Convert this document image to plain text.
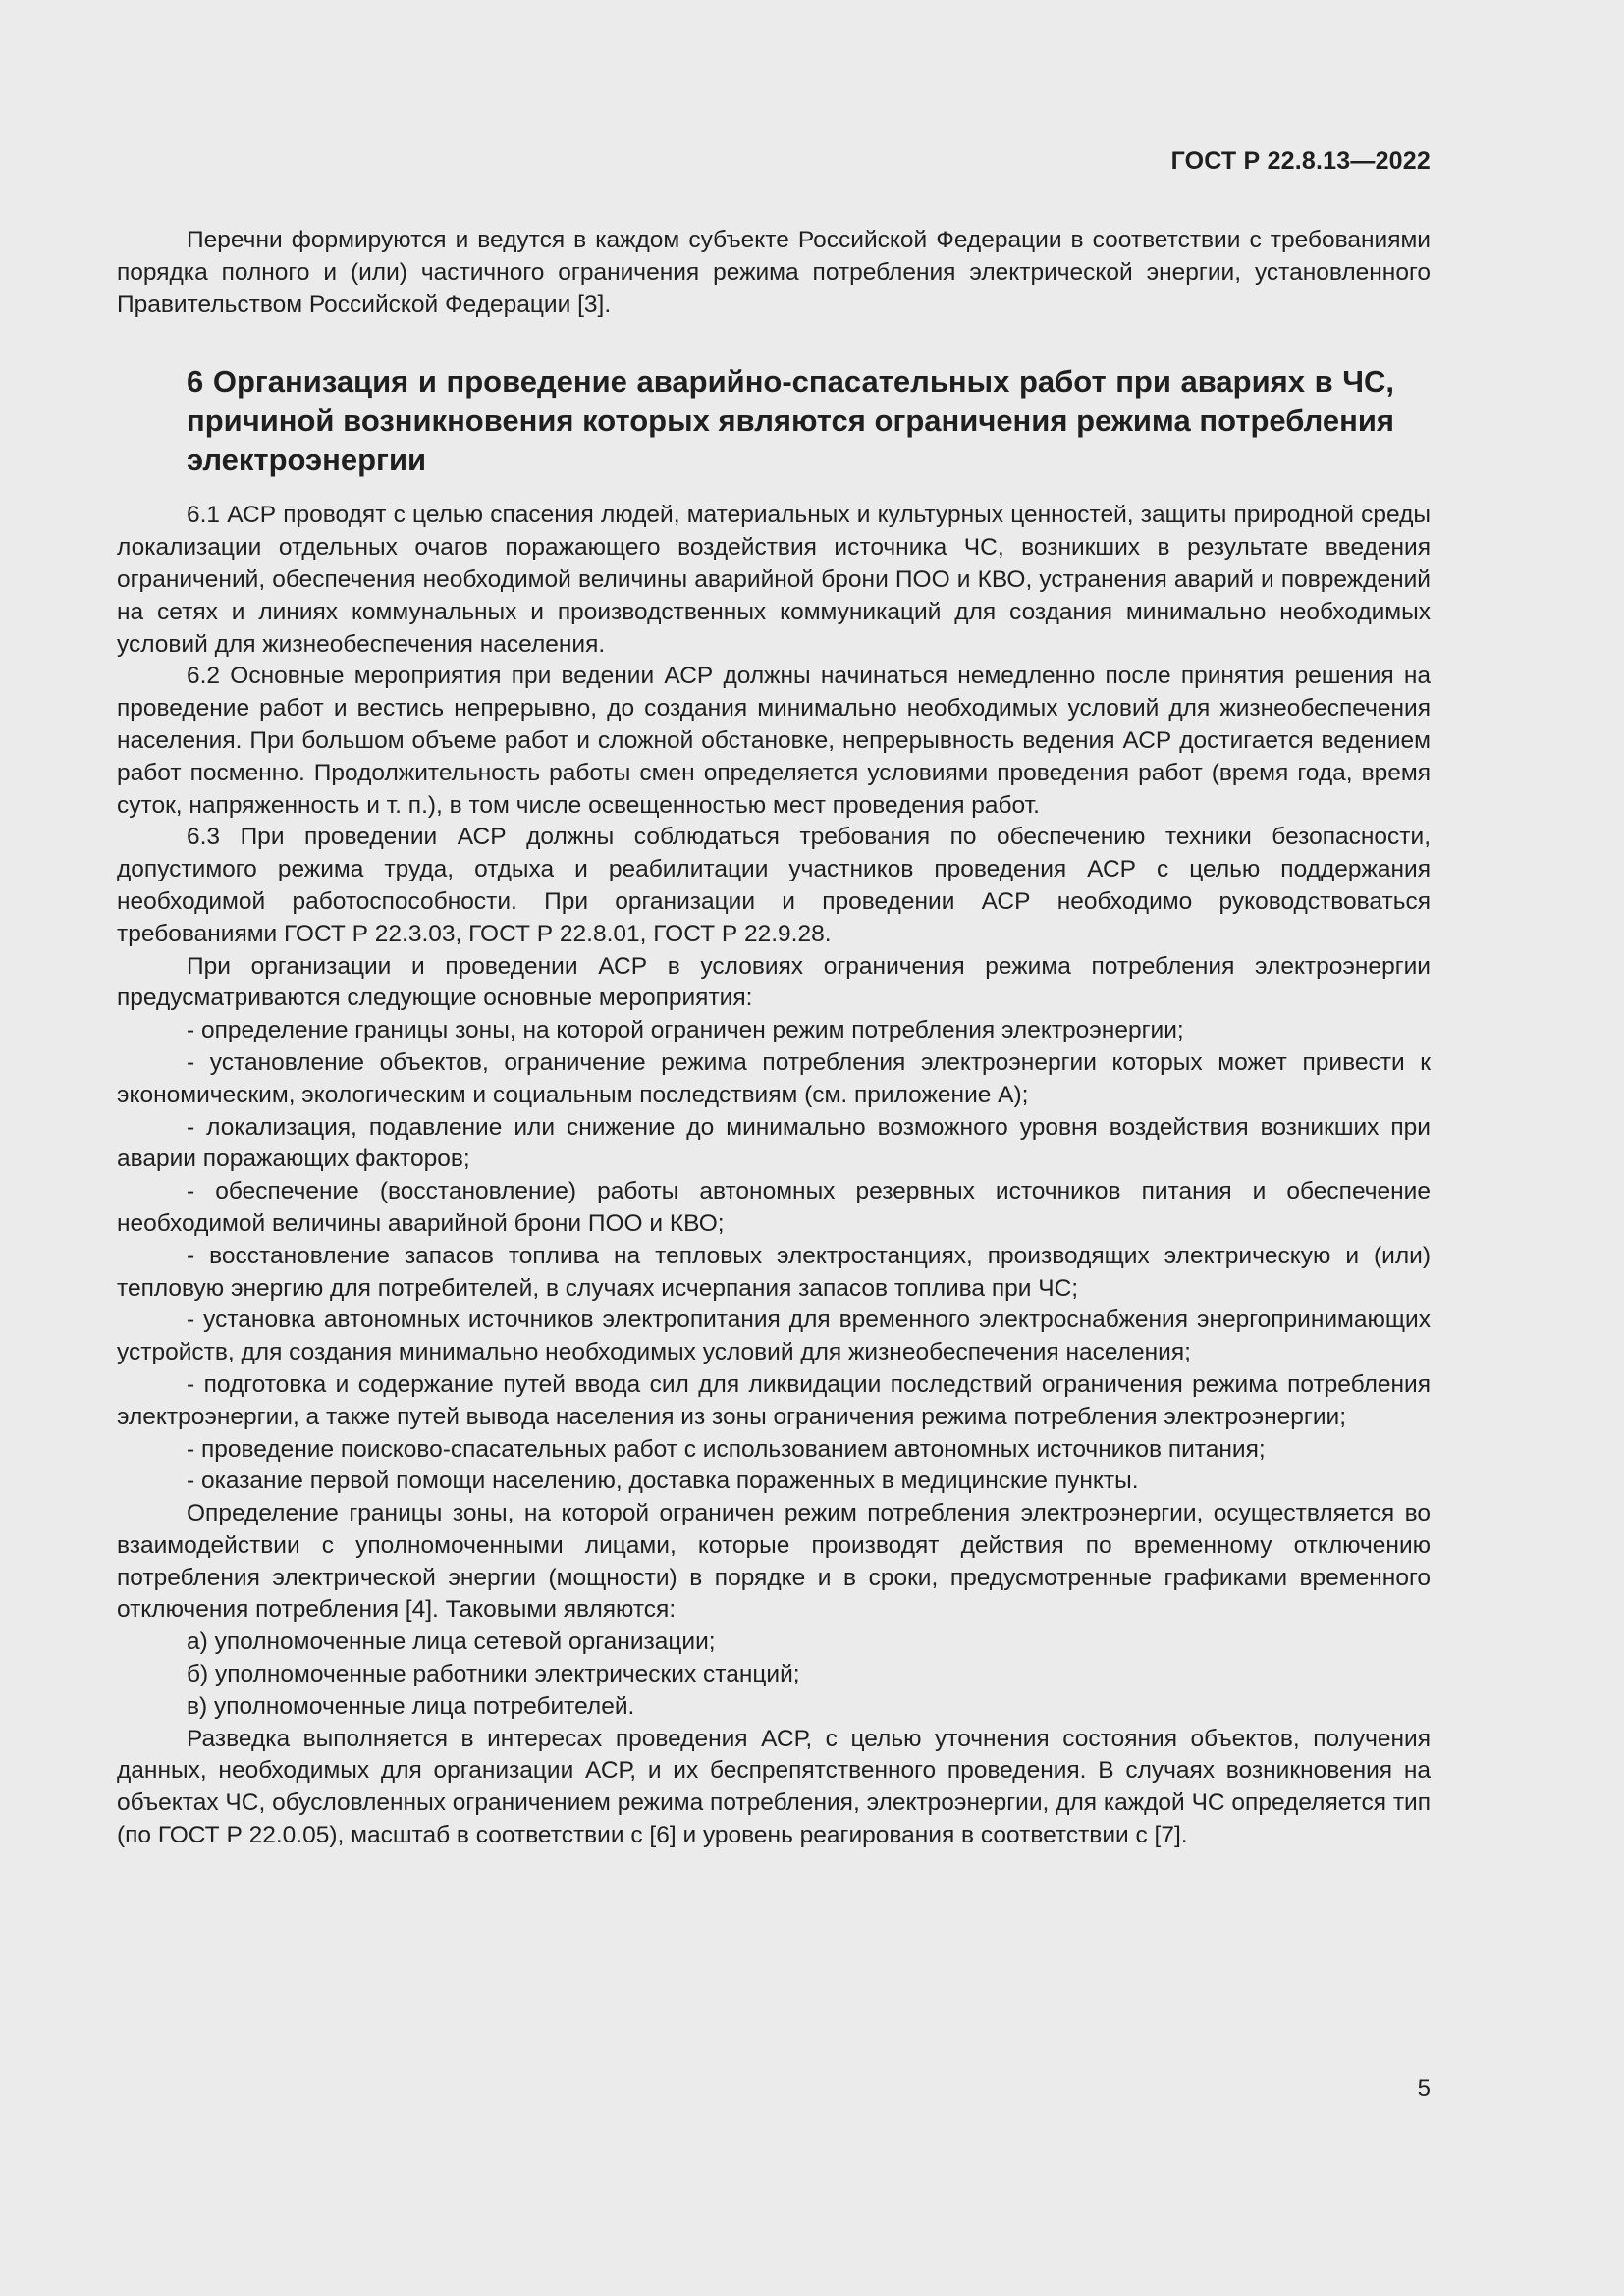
ГОСТ Р 22.8.13—2022

Перечни формируются и ведутся в каждом субъекте Российской Федерации в соответствии с требованиями порядка полного и (или) частичного ограничения режима потребления электрической энергии, установленного Правительством Российской Федерации [3].

6 Организация и проведение аварийно-спасательных работ при авариях в ЧС, причиной возникновения которых являются ограничения режима потребления электроэнергии

6.1 АСР проводят с целью спасения людей, материальных и культурных ценностей, защиты природной среды локализации отдельных очагов поражающего воздействия источника ЧС, возникших в результате введения ограничений, обеспечения необходимой величины аварийной брони ПОО и КВО, устранения аварий и повреждений на сетях и линиях коммунальных и производственных коммуникаций для создания минимально необходимых условий для жизнеобеспечения населения.

6.2 Основные мероприятия при ведении АСР должны начинаться немедленно после принятия решения на проведение работ и вестись непрерывно, до создания минимально необходимых условий для жизнеобеспечения населения. При большом объеме работ и сложной обстановке, непрерывность ведения АСР достигается ведением работ посменно. Продолжительность работы смен определяется условиями проведения работ (время года, время суток, напряженность и т. п.), в том числе освещенностью мест проведения работ.

6.3 При проведении АСР должны соблюдаться требования по обеспечению техники безопасности, допустимого режима труда, отдыха и реабилитации участников проведения АСР с целью поддержания необходимой работоспособности. При организации и проведении АСР необходимо руководствоваться требованиями ГОСТ Р 22.3.03, ГОСТ Р 22.8.01, ГОСТ Р 22.9.28.

При организации и проведении АСР в условиях ограничения режима потребления электроэнергии предусматриваются следующие основные мероприятия:

- определение границы зоны, на которой ограничен режим потребления электроэнергии;

- установление объектов, ограничение режима потребления электроэнергии которых может привести к экономическим, экологическим и социальным последствиям (см. приложение А);

- локализация, подавление или снижение до минимально возможного уровня воздействия возникших при аварии поражающих факторов;

- обеспечение (восстановление) работы автономных резервных источников питания и обеспечение необходимой величины аварийной брони ПОО и КВО;

- восстановление запасов топлива на тепловых электростанциях, производящих электрическую и (или) тепловую энергию для потребителей, в случаях исчерпания запасов топлива при ЧС;

- установка автономных источников электропитания для временного электроснабжения энергопринимающих устройств, для создания минимально необходимых условий для жизнеобеспечения населения;

- подготовка и содержание путей ввода сил для ликвидации последствий ограничения режима потребления электроэнергии, а также путей вывода населения из зоны ограничения режима потребления электроэнергии;

- проведение поисково-спасательных работ с использованием автономных источников питания;

- оказание первой помощи населению, доставка пораженных в медицинские пункты.

Определение границы зоны, на которой ограничен режим потребления электроэнергии, осуществляется во взаимодействии с уполномоченными лицами, которые производят действия по временному отключению потребления электрической энергии (мощности) в порядке и в сроки, предусмотренные графиками временного отключения потребления [4]. Таковыми являются:

а) уполномоченные лица сетевой организации;

б) уполномоченные работники электрических станций;

в) уполномоченные лица потребителей.

Разведка выполняется в интересах проведения АСР, с целью уточнения состояния объектов, получения данных, необходимых для организации АСР, и их беспрепятственного проведения. В случаях возникновения на объектах ЧС, обусловленных ограничением режима потребления, электроэнергии, для каждой ЧС определяется тип (по ГОСТ Р 22.0.05), масштаб в соответствии с [6] и уровень реагирования в соответствии с [7].

5
